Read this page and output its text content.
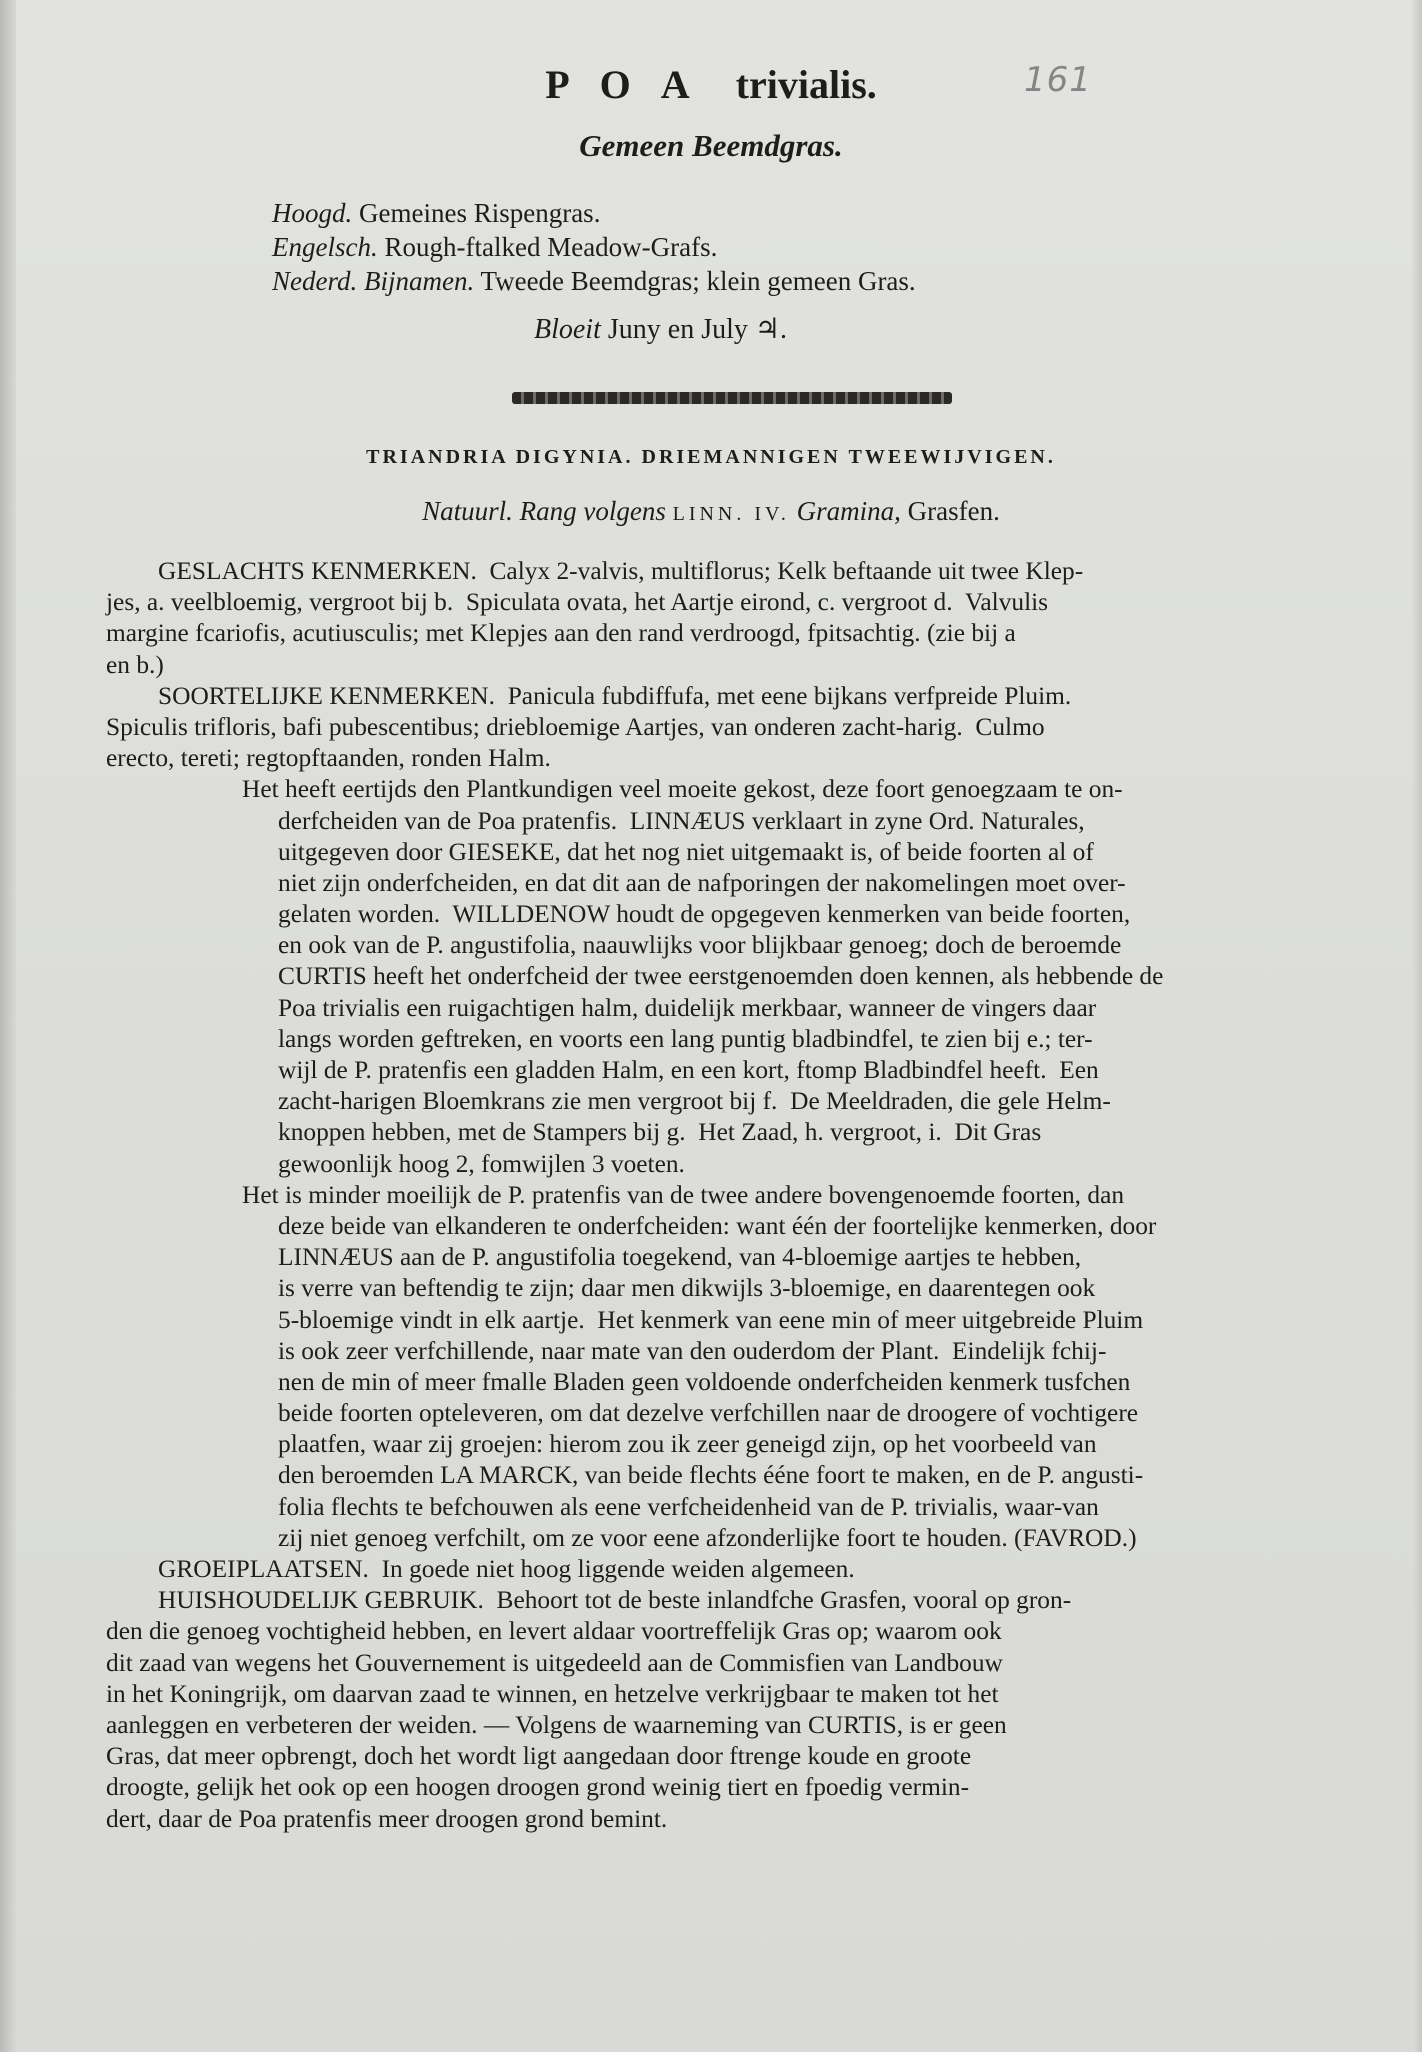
POA trivialis.	161
Gemeen Beemdgras.
Hoogd. Gemeines Rispengras.
Engelsch. Rough-ftalked Meadow-Grafs.
Nederd. Bijnamen. Tweede Beemdgras; klein gemeen Gras.
Bloeit Juny en July ♃.
TRIANDRIA DIGYNIA. DRIEMANNIGEN TWEEWIJVIGEN.
Natuurl. Rang volgens LINN. IV. Gramina, Grasfen.
GESLACHTS KENMERKEN.  Calyx 2-valvis, multiflorus; Kelk beftaande uit twee Klep-
jes, a. veelbloemig, vergroot bij b.  Spiculata ovata, het Aartje eirond, c. vergroot d.  Valvulis
margine fcariofis, acutiusculis; met Klepjes aan den rand verdroogd, fpitsachtig. (zie bij a
en b.)
SOORTELIJKE KENMERKEN.  Panicula fubdiffufa, met eene bijkans verfpreide Pluim.
Spiculis trifloris, bafi pubescentibus; driebloemige Aartjes, van onderen zacht-harig.  Culmo
erecto, tereti; regtopftaanden, ronden Halm.
Het heeft eertijds den Plantkundigen veel moeite gekost, deze foort genoegzaam te on-
derfcheiden van de Poa pratenfis.  LINNÆUS verklaart in zyne Ord. Naturales,
uitgegeven door GIESEKE, dat het nog niet uitgemaakt is, of beide foorten al of
niet zijn onderfcheiden, en dat dit aan de nafporingen der nakomelingen moet over-
gelaten worden.  WILLDENOW houdt de opgegeven kenmerken van beide foorten,
en ook van de P. angustifolia, naauwlijks voor blijkbaar genoeg; doch de beroemde
CURTIS heeft het onderfcheid der twee eerstgenoemden doen kennen, als hebbende de
Poa trivialis een ruigachtigen halm, duidelijk merkbaar, wanneer de vingers daar
langs worden geftreken, en voorts een lang puntig bladbindfel, te zien bij e.; ter-
wijl de P. pratenfis een gladden Halm, en een kort, ftomp Bladbindfel heeft.  Een
zacht-harigen Bloemkrans zie men vergroot bij f.  De Meeldraden, die gele Helm-
knoppen hebben, met de Stampers bij g.  Het Zaad, h. vergroot, i.  Dit Gras
gewoonlijk hoog 2, fomwijlen 3 voeten.
Het is minder moeilijk de P. pratenfis van de twee andere bovengenoemde foorten, dan
deze beide van elkanderen te onderfcheiden: want één der foortelijke kenmerken, door
LINNÆUS aan de P. angustifolia toegekend, van 4-bloemige aartjes te hebben,
is verre van beftendig te zijn; daar men dikwijls 3-bloemige, en daarentegen ook
5-bloemige vindt in elk aartje.  Het kenmerk van eene min of meer uitgebreide Pluim
is ook zeer verfchillende, naar mate van den ouderdom der Plant.  Eindelijk fchij-
nen de min of meer fmalle Bladen geen voldoende onderfcheiden kenmerk tusfchen
beide foorten opteleveren, om dat dezelve verfchillen naar de droogere of vochtigere
plaatfen, waar zij groejen: hierom zou ik zeer geneigd zijn, op het voorbeeld van
den beroemden LA MARCK, van beide flechts ééne foort te maken, en de P. angusti-
folia flechts te befchouwen als eene verfcheidenheid van de P. trivialis, waar-van
zij niet genoeg verfchilt, om ze voor eene afzonderlijke foort te houden. (FAVROD.)
GROEIPLAATSEN.  In goede niet hoog liggende weiden algemeen.
HUISHOUDELIJK GEBRUIK.  Behoort tot de beste inlandfche Grasfen, vooral op gron-
den die genoeg vochtigheid hebben, en levert aldaar voortreffelijk Gras op; waarom ook
dit zaad van wegens het Gouvernement is uitgedeeld aan de Commisfien van Landbouw
in het Koningrijk, om daarvan zaad te winnen, en hetzelve verkrijgbaar te maken tot het
aanleggen en verbeteren der weiden. — Volgens de waarneming van CURTIS, is er geen
Gras, dat meer opbrengt, doch het wordt ligt aangedaan door ftrenge koude en groote
droogte, gelijk het ook op een hoogen droogen grond weinig tiert en fpoedig vermin-
dert, daar de Poa pratenfis meer droogen grond bemint.
